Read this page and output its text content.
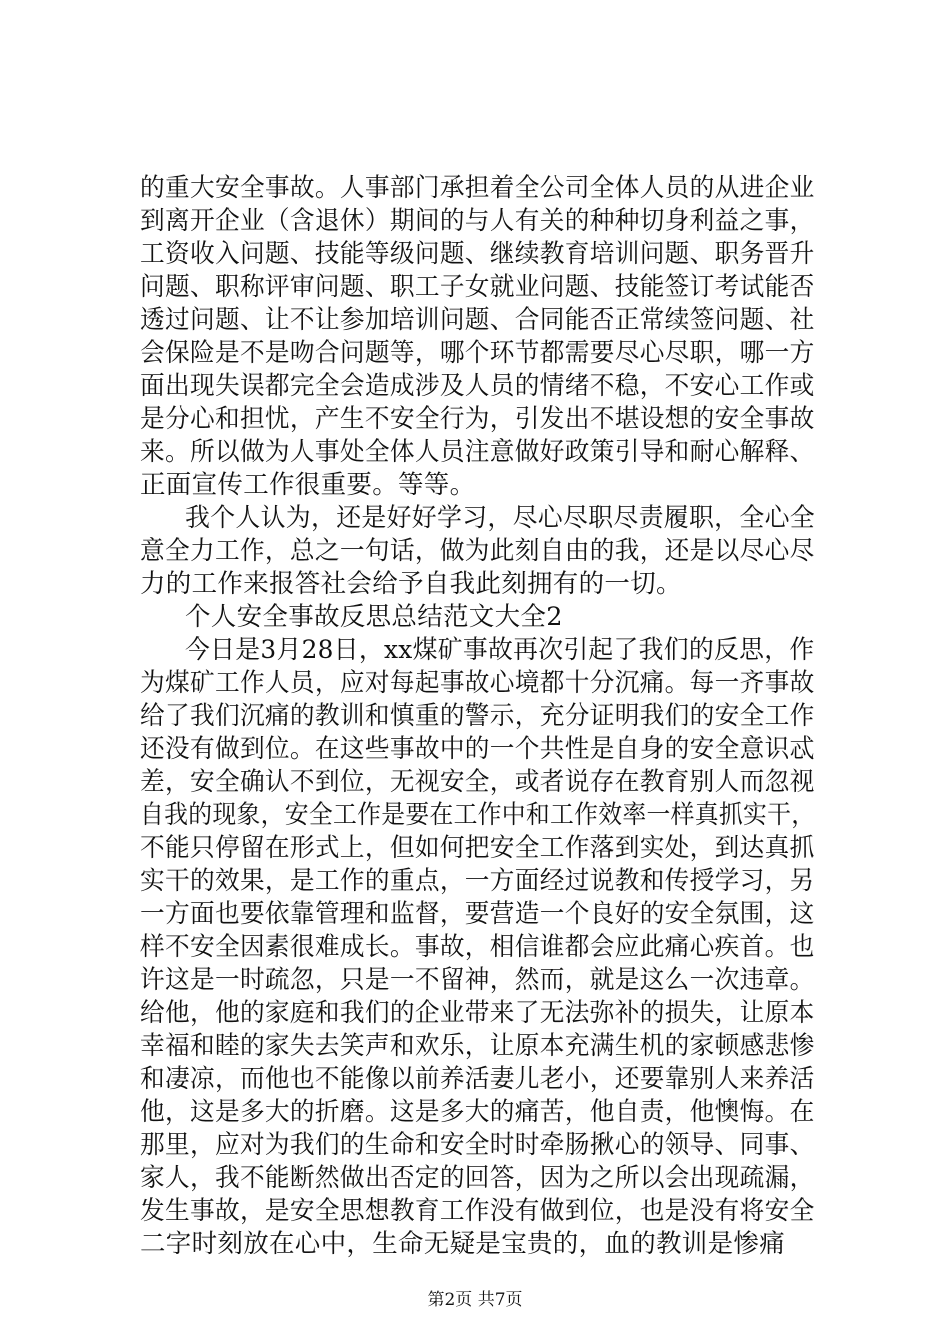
的重大安全事故。人事部门承担着全公司全体人员的从进企业
到离开企业（含退休）期间的与人有关的种种切身利益之事，
工资收入问题、技能等级问题、继续教育培训问题、职务晋升
问题、职称评审问题、职工子女就业问题、技能签订考试能否
透过问题、让不让参加培训问题、合同能否正常续签问题、社
会保险是不是吻合问题等，哪个环节都需要尽心尽职，哪一方
面出现失误都完全会造成涉及人员的情绪不稳，不安心工作或
是分心和担忧，产生不安全行为，引发出不堪设想的安全事故
来。所以做为人事处全体人员注意做好政策引导和耐心解释、
正面宣传工作很重要。等等。
我个人认为，还是好好学习，尽心尽职尽责履职，全心全
意全力工作，总之一句话，做为此刻自由的我，还是以尽心尽
力的工作来报答社会给予自我此刻拥有的一切。
个人安全事故反思总结范文大全2
今日是3月28日，xx煤矿事故再次引起了我们的反思，作
为煤矿工作人员，应对每起事故心境都十分沉痛。每一齐事故
给了我们沉痛的教训和慎重的警示，充分证明我们的安全工作
还没有做到位。在这些事故中的一个共性是自身的安全意识忒
差，安全确认不到位，无视安全，或者说存在教育别人而忽视
自我的现象，安全工作是要在工作中和工作效率一样真抓实干，
不能只停留在形式上，但如何把安全工作落到实处，到达真抓
实干的效果，是工作的重点，一方面经过说教和传授学习，另
一方面也要依靠管理和监督，要营造一个良好的安全氛围，这
样不安全因素很难成长。事故，相信谁都会应此痛心疾首。也
许这是一时疏忽，只是一不留神，然而，就是这么一次违章。
给他，他的家庭和我们的企业带来了无法弥补的损失，让原本
幸福和睦的家失去笑声和欢乐，让原本充满生机的家顿感悲惨
和凄凉，而他也不能像以前养活妻儿老小，还要靠别人来养活
他，这是多大的折磨。这是多大的痛苦，他自责，他懊悔。在
那里，应对为我们的生命和安全时时牵肠揪心的领导、同事、
家人，我不能断然做出否定的回答，因为之所以会出现疏漏，
发生事故，是安全思想教育工作没有做到位，也是没有将安全
二字时刻放在心中，生命无疑是宝贵的，血的教训是惨痛
第2页 共7页
